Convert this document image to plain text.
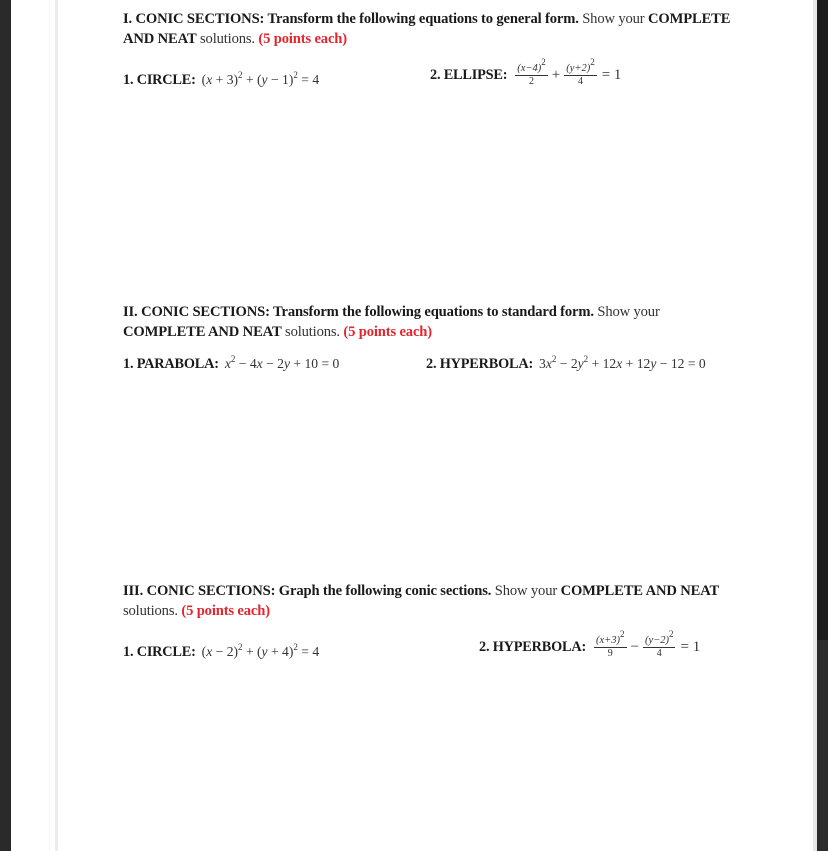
I. CONIC SECTIONS: Transform the following equations to general form. Show your COMPLETE AND NEAT solutions. (5 points each)
1. CIRCLE: $(x + 3)^2 + (y - 1)^2 = 4$	2. ELLIPSE: $\frac{(x-4)^2}{2} + \frac{(y+2)^2}{4} = 1$
II. CONIC SECTIONS: Transform the following equations to standard form. Show your COMPLETE AND NEAT solutions. (5 points each)
1. PARABOLA: $x^2 - 4x - 2y + 10 = 0$	2. HYPERBOLA: $3x^2 - 2y^2 + 12x + 12y - 12 = 0$
III. CONIC SECTIONS: Graph the following conic sections. Show your COMPLETE AND NEAT solutions. (5 points each)
1. CIRCLE: $(x - 2)^2 + (y + 4)^2 = 4$	2. HYPERBOLA: $\frac{(x+3)^2}{9} - \frac{(y-2)^2}{4} = 1$
